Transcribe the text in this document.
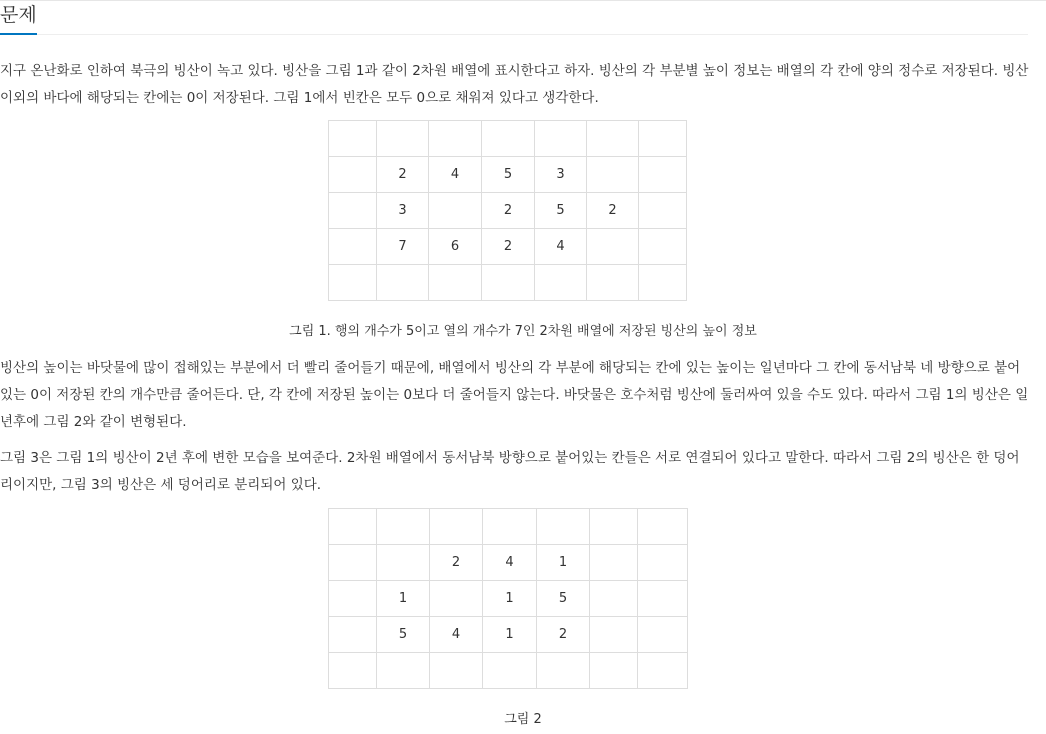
문제

지구 온난화로 인하여 북극의 빙산이 녹고 있다. 빙산을 그림 1과 같이 2차원 배열에 표시한다고 하자. 빙산의 각 부분별 높이 정보는 배열의 각 칸에 양의 정수로 저장된다. 빙산
이외의 바다에 해당되는 칸에는 0이 저장된다. 그림 1에서 빈칸은 모두 0으로 채워져 있다고 생각한다.

	2	4	5	3		
	3		2	5	2	
	7	6	2	4		

그림 1. 행의 개수가 5이고 열의 개수가 7인 2차원 배열에 저장된 빙산의 높이 정보

빙산의 높이는 바닷물에 많이 접해있는 부분에서 더 빨리 줄어들기 때문에, 배열에서 빙산의 각 부분에 해당되는 칸에 있는 높이는 일년마다 그 칸에 동서남북 네 방향으로 붙어
있는 0이 저장된 칸의 개수만큼 줄어든다. 단, 각 칸에 저장된 높이는 0보다 더 줄어들지 않는다. 바닷물은 호수처럼 빙산에 둘러싸여 있을 수도 있다. 따라서 그림 1의 빙산은 일
년후에 그림 2와 같이 변형된다.

그림 3은 그림 1의 빙산이 2년 후에 변한 모습을 보여준다. 2차원 배열에서 동서남북 방향으로 붙어있는 칸들은 서로 연결되어 있다고 말한다. 따라서 그림 2의 빙산은 한 덩어
리이지만, 그림 3의 빙산은 세 덩어리로 분리되어 있다.

		2	4	1		
	1		1	5		
	5	4	1	2		

그림 2
